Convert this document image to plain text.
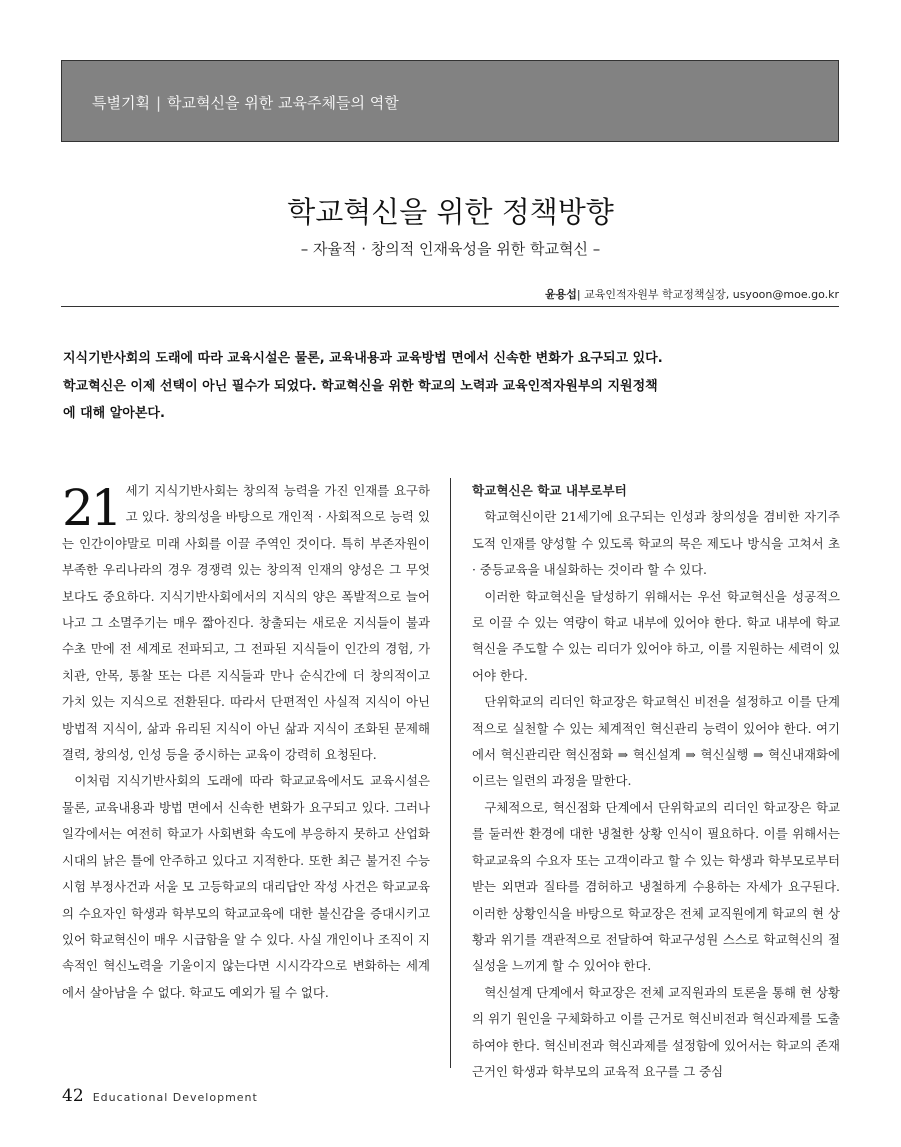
특별기획 | 학교혁신을 위한 교육주체들의 역할
학교혁신을 위한 정책방향
– 자율적 · 창의적 인재육성을 위한 학교혁신 –
윤용섭| 교육인적자원부 학교정책실장, usyoon@moe.go.kr
지식기반사회의 도래에 따라 교육시설은 물론, 교육내용과 교육방법 면에서 신속한 변화가 요구되고 있다.
학교혁신은 이제 선택이 아닌 필수가 되었다. 학교혁신을 위한 학교의 노력과 교육인적자원부의 지원정책
에 대해 알아본다.
21 세기 지식기반사회는 창의적 능력을 가진 인재를 요구하고 있다. 창의성을 바탕으로 개인적 · 사회적으로 능력 있는 인간이야말로 미래 사회를 이끌 주역인 것이다. 특히 부존자원이 부족한 우리나라의 경우 경쟁력 있는 창의적 인재의 양성은 그 무엇보다도 중요하다. 지식기반사회에서의 지식의 양은 폭발적으로 늘어나고 그 소멸주기는 매우 짧아진다. 창출되는 새로운 지식들이 불과 수초 만에 전 세계로 전파되고, 그 전파된 지식들이 인간의 경험, 가치관, 안목, 통찰 또는 다른 지식들과 만나 순식간에 더 창의적이고 가치 있는 지식으로 전환된다. 따라서 단편적인 사실적 지식이 아닌 방법적 지식이, 삶과 유리된 지식이 아닌 삶과 지식이 조화된 문제해결력, 창의성, 인성 등을 중시하는 교육이 강력히 요청된다.

이처럼 지식기반사회의 도래에 따라 학교교육에서도 교육시설은 물론, 교육내용과 방법 면에서 신속한 변화가 요구되고 있다. 그러나 일각에서는 여전히 학교가 사회변화 속도에 부응하지 못하고 산업화 시대의 낡은 틀에 안주하고 있다고 지적한다. 또한 최근 불거진 수능시험 부정사건과 서울 모 고등학교의 대리답안 작성 사건은 학교교육의 수요자인 학생과 학부모의 학교교육에 대한 불신감을 증대시키고 있어 학교혁신이 매우 시급함을 알 수 있다. 사실 개인이나 조직이 지속적인 혁신노력을 기울이지 않는다면 시시각각으로 변화하는 세계에서 살아남을 수 없다. 학교도 예외가 될 수 없다.

학교혁신은 학교 내부로부터

학교혁신이란 21세기에 요구되는 인성과 창의성을 겸비한 자기주도적 인재를 양성할 수 있도록 학교의 묵은 제도나 방식을 고쳐서 초 · 중등교육을 내실화하는 것이라 할 수 있다.

이러한 학교혁신을 달성하기 위해서는 우선 학교혁신을 성공적으로 이끌 수 있는 역량이 학교 내부에 있어야 한다. 학교 내부에 학교혁신을 주도할 수 있는 리더가 있어야 하고, 이를 지원하는 세력이 있어야 한다.

단위학교의 리더인 학교장은 학교혁신 비전을 설정하고 이를 단계적으로 실천할 수 있는 체계적인 혁신관리 능력이 있어야 한다. 여기에서 혁신관리란 혁신점화 ⇒ 혁신설계 ⇒ 혁신실행 ⇒ 혁신내재화에 이르는 일련의 과정을 말한다.

구체적으로, 혁신점화 단계에서 단위학교의 리더인 학교장은 학교를 둘러싼 환경에 대한 냉철한 상황 인식이 필요하다. 이를 위해서는 학교교육의 수요자 또는 고객이라고 할 수 있는 학생과 학부모로부터 받는 외면과 질타를 겸허하고 냉철하게 수용하는 자세가 요구된다. 이러한 상황인식을 바탕으로 학교장은 전체 교직원에게 학교의 현 상황과 위기를 객관적으로 전달하여 학교구성원 스스로 학교혁신의 절실성을 느끼게 할 수 있어야 한다.

혁신설계 단계에서 학교장은 전체 교직원과의 토론을 통해 현 상황의 위기 원인을 구체화하고 이를 근거로 혁신비전과 혁신과제를 도출하여야 한다. 혁신비전과 혁신과제를 설정함에 있어서는 학교의 존재 근거인 학생과 학부모의 교육적 요구를 그 중심

42 Educational Development
